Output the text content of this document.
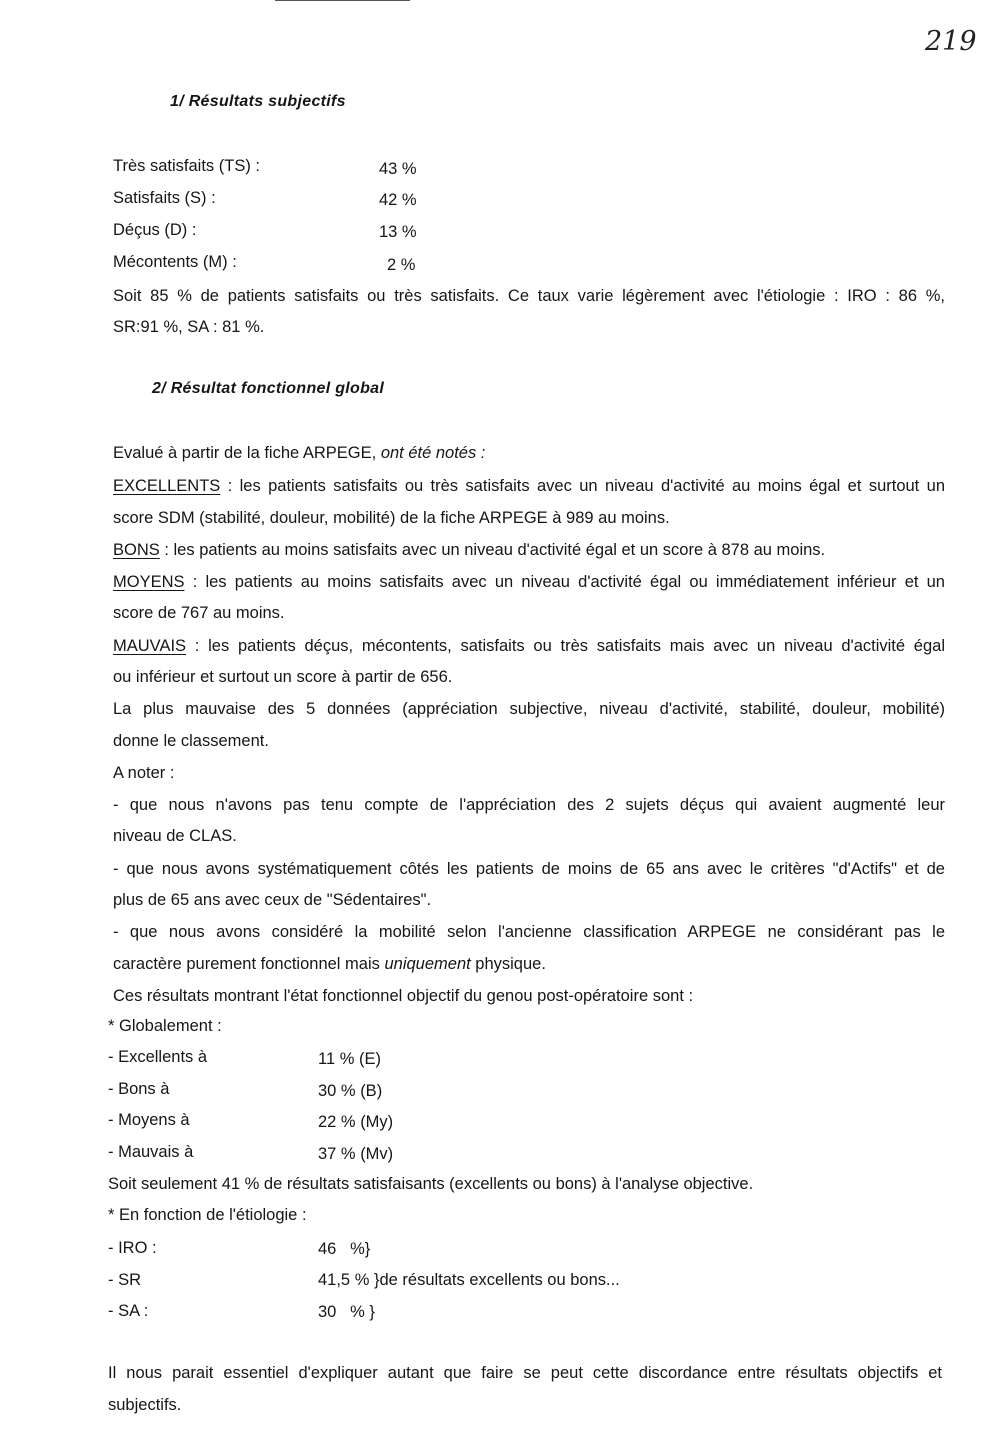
219
1/ Résultats subjectifs
Très satisfaits (TS) :	43 %
Satisfaits (S) :	42 %
Déçus (D) :	13 %
Mécontents (M) :	2 %
Soit 85 % de patients satisfaits ou très satisfaits. Ce taux varie légèrement avec l'étiologie : IRO : 86 %,
SR:91 %, SA : 81 %.
2/ Résultat fonctionnel global
Evalué à partir de la fiche ARPEGE, ont été notés :
EXCELLENTS : les patients satisfaits ou très satisfaits avec un niveau d'activité au moins égal et surtout un
score SDM (stabilité, douleur, mobilité) de la fiche ARPEGE à 989 au moins.
BONS : les patients au moins satisfaits avec un niveau d'activité égal et un score à 878 au moins.
MOYENS : les patients au moins satisfaits avec un niveau d'activité égal ou immédiatement inférieur et un
score de 767 au moins.
MAUVAIS : les patients déçus, mécontents, satisfaits ou très satisfaits mais avec un niveau d'activité égal
ou inférieur et surtout un score à partir de 656.
La plus mauvaise des 5 données (appréciation subjective, niveau d'activité, stabilité, douleur, mobilité)
donne le classement.
A noter :
- que nous n'avons pas tenu compte de l'appréciation des 2 sujets déçus qui avaient augmenté leur
niveau de CLAS.
- que nous avons systématiquement côtés les patients de moins de 65 ans avec le critères "d'Actifs" et de
plus de 65 ans avec ceux de "Sédentaires".
- que nous avons considéré la mobilité selon l'ancienne classification ARPEGE ne considérant pas le
caractère purement fonctionnel mais uniquement physique.
Ces résultats montrant l'état fonctionnel objectif du genou post-opératoire sont :
* Globalement :
- Excellents à	11 % (E)
- Bons à	30 % (B)
- Moyens à	22 % (My)
- Mauvais à	37 % (Mv)
Soit seulement 41 % de résultats satisfaisants (excellents ou bons) à l'analyse objective.
* En fonction de l'étiologie :
- IRO :	46   %}
- SR	41,5 % }de résultats excellents ou bons...
- SA :	30   % }
Il nous parait essentiel d'expliquer autant que faire se peut cette discordance entre résultats objectifs et
subjectifs.
